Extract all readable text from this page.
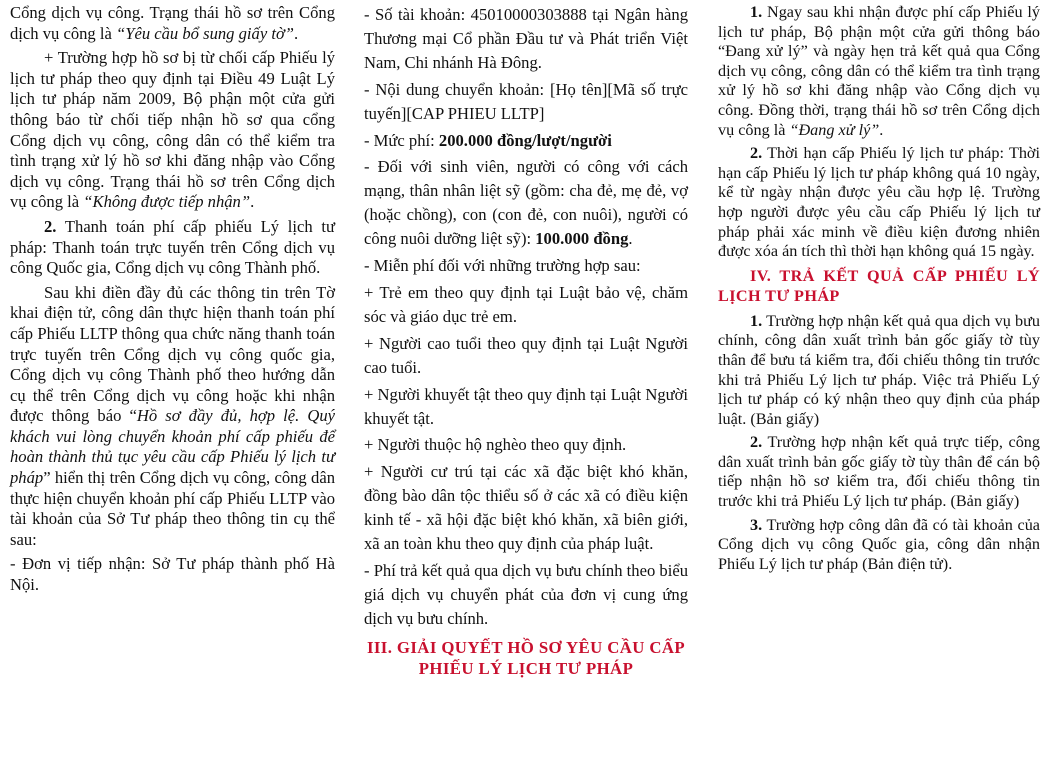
Cổng dịch vụ công. Trạng thái hồ sơ trên Cổng dịch vụ công là “Yêu cầu bổ sung giấy tờ”.

+ Trường hợp hồ sơ bị từ chối cấp Phiếu lý lịch tư pháp theo quy định tại Điều 49 Luật Lý lịch tư pháp năm 2009, Bộ phận một cửa gửi thông báo từ chối tiếp nhận hồ sơ qua cổng Cổng dịch vụ công, công dân có thể kiểm tra tình trạng xử lý hồ sơ khi đăng nhập vào Cổng dịch vụ công. Trạng thái hồ sơ trên Cổng dịch vụ công là “Không được tiếp nhận”.

2. Thanh toán phí cấp phiếu Lý lịch tư pháp: Thanh toán trực tuyến trên Cổng dịch vụ công Quốc gia, Cổng dịch vụ công Thành phố.

Sau khi điền đầy đủ các thông tin trên Tờ khai điện tử, công dân thực hiện thanh toán phí cấp Phiếu LLTP thông qua chức năng thanh toán trực tuyến trên Cổng dịch vụ công quốc gia, Cổng dịch vụ công Thành phố theo hướng dẫn cụ thể trên Cổng dịch vụ công hoặc khi nhận được thông báo “Hồ sơ đầy đủ, hợp lệ. Quý khách vui lòng chuyển khoản phí cấp phiếu để hoàn thành thủ tục yêu cầu cấp Phiếu lý lịch tư pháp” hiển thị trên Cổng dịch vụ công, công dân thực hiện chuyển khoản phí cấp Phiếu LLTP vào tài khoản của Sở Tư pháp theo thông tin cụ thể sau:

- Đơn vị tiếp nhận: Sở Tư pháp thành phố Hà Nội.

- Số tài khoản: 45010000303888 tại Ngân hàng Thương mại Cổ phần Đầu tư và Phát triển Việt Nam, Chi nhánh Hà Đông.

- Nội dung chuyển khoản: [Họ tên][Mã số trực tuyến][CAP PHIEU LLTP]

- Mức phí: 200.000 đồng/lượt/người

- Đối với sinh viên, người có công với cách mạng, thân nhân liệt sỹ (gồm: cha đẻ, mẹ đẻ, vợ (hoặc chồng), con (con đẻ, con nuôi), người có công nuôi dưỡng liệt sỹ): 100.000 đồng.

- Miễn phí đối với những trường hợp sau:

+ Trẻ em theo quy định tại Luật bảo vệ, chăm sóc và giáo dục trẻ em.

+ Người cao tuổi theo quy định tại Luật Người cao tuổi.

+ Người khuyết tật theo quy định tại Luật Người khuyết tật.

+ Người thuộc hộ nghèo theo quy định.

+ Người cư trú tại các xã đặc biệt khó khăn, đồng bào dân tộc thiểu số ở các xã có điều kiện kinh tế - xã hội đặc biệt khó khăn, xã biên giới, xã an toàn khu theo quy định của pháp luật.

- Phí trả kết quả qua dịch vụ bưu chính theo biểu giá dịch vụ chuyển phát của đơn vị cung ứng dịch vụ bưu chính.

III. GIẢI QUYẾT HỒ SƠ YÊU CẦU CẤP PHIẾU LÝ LỊCH TƯ PHÁP

1. Ngay sau khi nhận được phí cấp Phiếu lý lịch tư pháp, Bộ phận một cửa gửi thông báo “Đang xử lý” và ngày hẹn trả kết quả qua Cổng dịch vụ công, công dân có thể kiểm tra tình trạng xử lý hồ sơ khi đăng nhập vào Cổng dịch vụ công. Đồng thời, trạng thái hồ sơ trên Cổng dịch vụ công là “Đang xử lý”.

2. Thời hạn cấp Phiếu lý lịch tư pháp: Thời hạn cấp Phiếu lý lịch tư pháp không quá 10 ngày, kể từ ngày nhận được yêu cầu hợp lệ. Trường hợp người được yêu cầu cấp Phiếu lý lịch tư pháp phải xác minh về điều kiện đương nhiên được xóa án tích thì thời hạn không quá 15 ngày.

IV. TRẢ KẾT QUẢ CẤP PHIẾU LÝ LỊCH TƯ PHÁP

1. Trường hợp nhận kết quả qua dịch vụ bưu chính, công dân xuất trình bản gốc giấy tờ tùy thân để bưu tá kiểm tra, đối chiếu thông tin trước khi trả Phiếu Lý lịch tư pháp. Việc trả Phiếu Lý lịch tư pháp có ký nhận theo quy định của pháp luật. (Bản giấy)

2. Trường hợp nhận kết quả trực tiếp, công dân xuất trình bản gốc giấy tờ tùy thân để cán bộ tiếp nhận hồ sơ kiểm tra, đối chiếu thông tin trước khi trả Phiếu Lý lịch tư pháp. (Bản giấy)

3. Trường hợp công dân đã có tài khoản của Cổng dịch vụ công Quốc gia, công dân nhận Phiếu Lý lịch tư pháp (Bản điện tử).
